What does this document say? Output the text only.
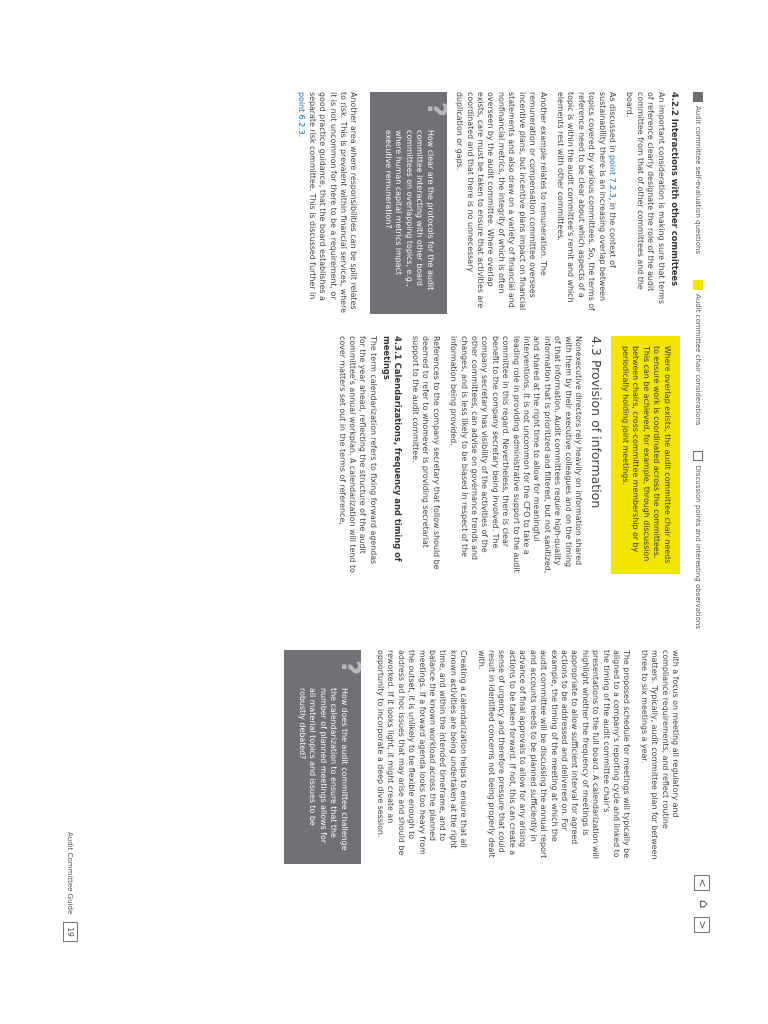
Audit committee self-evaluation questions
Audit committee chair considerations
Discussion points and interesting observations
<
⌂
>
4.2.2 Interactions with other committees

An important consideration is making sure that terms of reference clearly designate the role of the audit committee from that of other committees and the board.

As discussed in point 7.2.3, in the context of sustainability there is an increasing overlap between topics covered by various committees. So, the terms of reference need to be clear about which aspects of a topic is within the audit committee's remit and which elements rest with other committees.

Another example relates to remuneration. The remuneration or compensation committee oversees incentive plans, but incentive plans impact on financial statements and also draw on a variety of financial and nonfinancial metrics, the integrity of which is often overseen by the audit committee. Where overlap exists, care must be taken to ensure that activities are coordinated and that there is no unnecessary duplication or gaps.

?
How clear are the protocols for the audit committee interacting with other board committees on overlapping topics, e.g., where human capital metrics impact executive remuneration?

Another area where responsibilities can be split relates to risk. This is prevalent within financial services, where it is not uncommon for there to be a requirement, or good practice guidance, that the board establishes a separate risk committee. This is discussed further in point 6.2.3.

Where overlap exists, the audit committee chair needs to ensure work is coordinated across the committees. This can be achieved, for example, through discussion between chairs, cross-committee membership or by periodically holding joint meetings.
4.3 Provision of information

Nonexecutive directors rely heavily on information shared with them by their executive colleagues and on the timing of that information. Audit committees require high-quality information that is prioritized and filtered, but not sanitized, and shared at the right time to allow for meaningful interventions. It is not uncommon for the CFO to take a leading role in providing administrative support to the audit committee in this regard. Nevertheless, there is clear benefit to the company secretary being involved. The company secretary has visibility of the activities of the other committees, can advise on governance trends and changes, and is less likely to be biased in respect of the information being provided.

References to the company secretary that follow should be deemed to refer to whomever is providing secretariat support to the audit committee.

4.3.1 Calendarizations, frequency and timing of meetings

The term calendarization refers to fixing forward agendas for the year ahead, reflecting the structure of the audit committee's annual workplan. A calendarization will tend to cover matters set out in the terms of reference,

with a focus on meeting all regulatory and compliance requirements, and reflect routine matters. Typically, audit committee plan for between three to six meetings a year.

The proposed schedule for meetings will typically be aligned to a company's reporting cycle and linked to the timing of the audit committee chair's presentations to the full board. A calendarization will highlight whether the frequency of meetings is appropriate to allow sufficient interval for agreed actions to be addressed and delivered on. For example, the timing of the meeting at which the audit committee will be discussing the annual report and accounts needs to be planned sufficiently in advance of final approvals to allow for any arising actions to be taken forward. If not, this can create a sense of urgency and therefore pressure that could result in identified concerns not being properly dealt with.

Creating a calendarization helps to ensure that all known activities are being undertaken at the right time, and within the intended timeframe, and to balance the known workload across the planned meetings. If a forward agenda looks too heavy from the outset, it is unlikely to be flexible enough to address ad hoc issues that may arise and should be reworked. If it looks light, it might create an opportunity to incorporate a deep dive session.

?
How does the audit committee challenge the calendarization to ensure that the number of planned meetings allows for all material topics and issues to be robustly debated?
Audit Committee Guide
19
